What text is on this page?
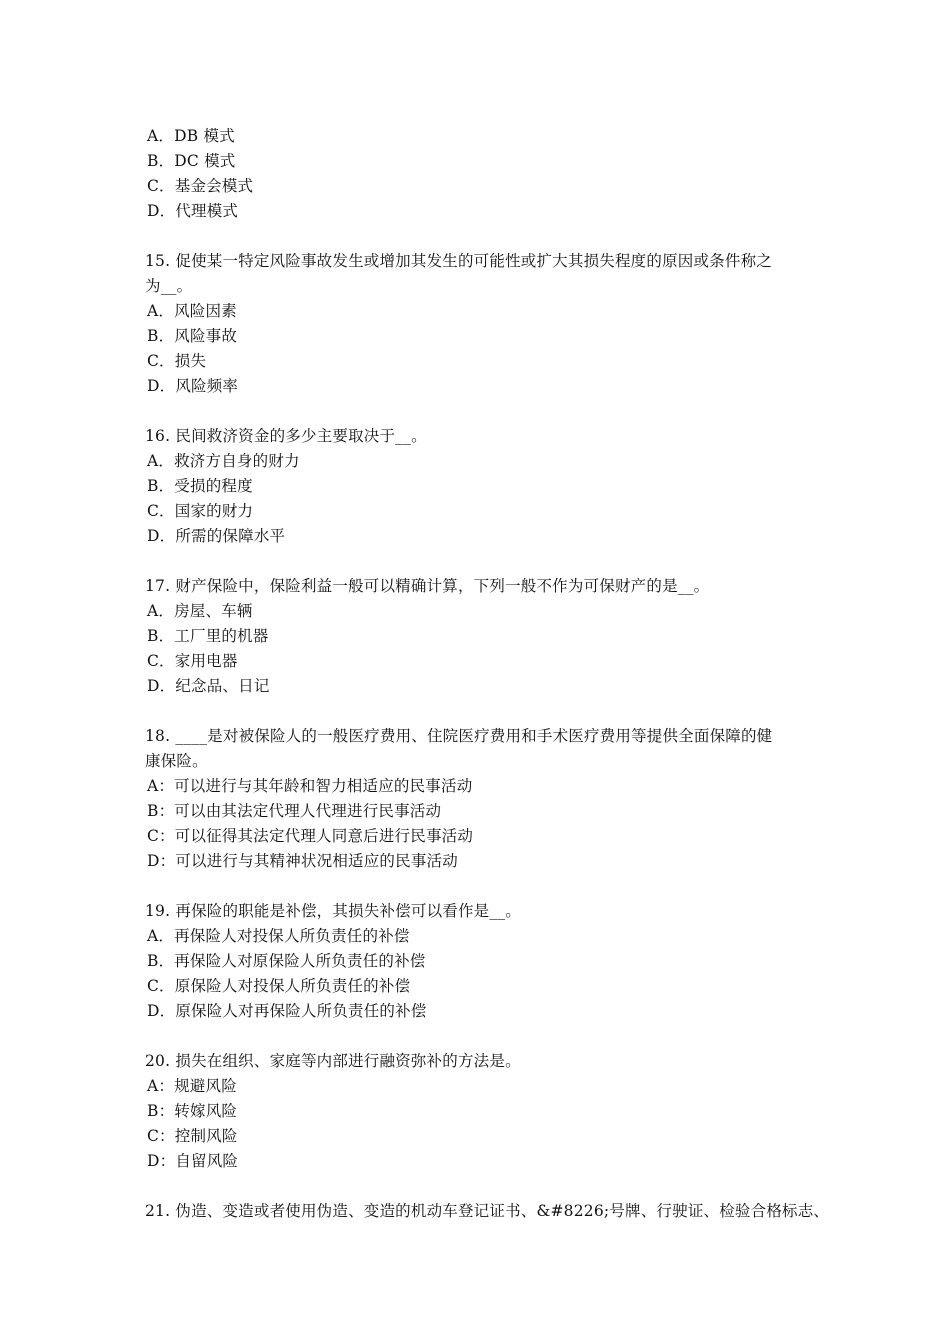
A．DB 模式
B．DC 模式
C．基金会模式
D．代理模式
15. 促使某一特定风险事故发生或增加其发生的可能性或扩大其损失程度的原因或条件称之
为__。
A．风险因素
B．风险事故
C．损失
D．风险频率
16. 民间救济资金的多少主要取决于__。
A．救济方自身的财力
B．受损的程度
C．国家的财力
D．所需的保障水平
17. 财产保险中，保险利益一般可以精确计算，下列一般不作为可保财产的是__。
A．房屋、车辆
B．工厂里的机器
C．家用电器
D．纪念品、日记
18. ____是对被保险人的一般医疗费用、住院医疗费用和手术医疗费用等提供全面保障的健
康保险。
A：可以进行与其年龄和智力相适应的民事活动
B：可以由其法定代理人代理进行民事活动
C：可以征得其法定代理人同意后进行民事活动
D：可以进行与其精神状况相适应的民事活动
19. 再保险的职能是补偿，其损失补偿可以看作是__。
A．再保险人对投保人所负责任的补偿
B．再保险人对原保险人所负责任的补偿
C．原保险人对投保人所负责任的补偿
D．原保险人对再保险人所负责任的补偿
20. 损失在组织、家庭等内部进行融资弥补的方法是。
A：规避风险
B：转嫁风险
C：控制风险
D：自留风险
21. 伪造、变造或者使用伪造、变造的机动车登记证书、&#8226;号牌、行驶证、检验合格标志、
